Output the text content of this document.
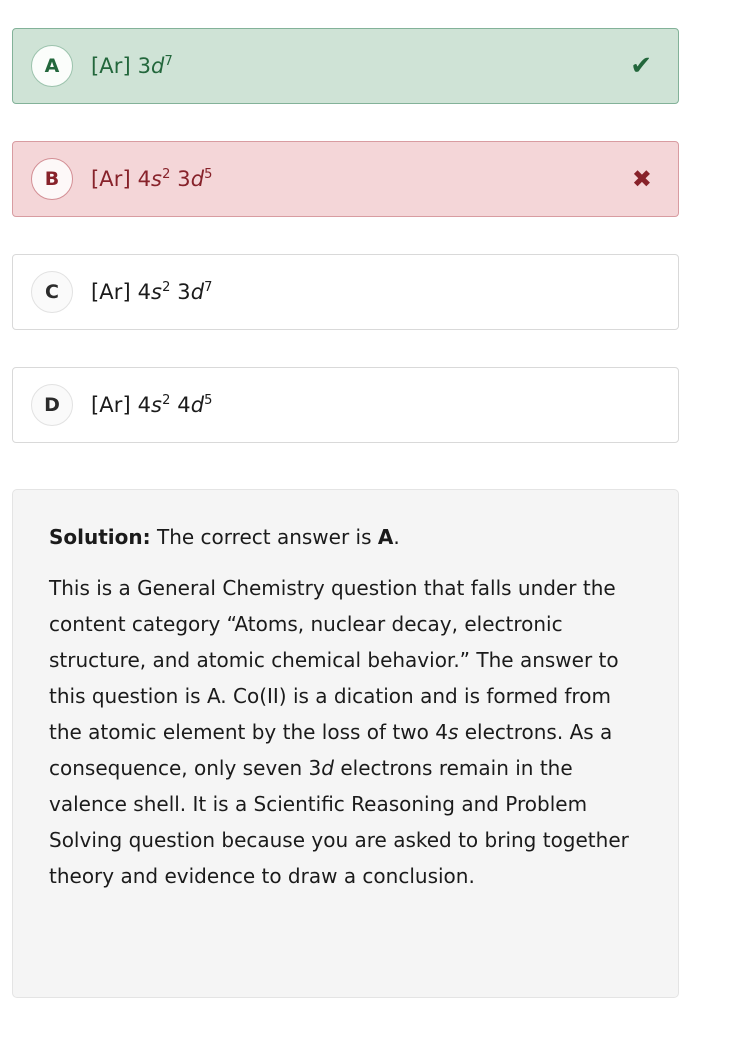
A [Ar] $3d^7$	✔
B [Ar] $4s^2$ $3d^5$	✖
C [Ar] $4s^2$ $3d^7$
D [Ar] $4s^2$ $4d^5$

Solution: The correct answer is A.

This is a General Chemistry question that falls under the content category “Atoms, nuclear decay, electronic structure, and atomic chemical behavior.” The answer to this question is A. Co(II) is a dication and is formed from the atomic element by the loss of two 4s electrons. As a consequence, only seven 3d electrons remain in the valence shell. It is a Scientific Reasoning and Problem Solving question because you are asked to bring together theory and evidence to draw a conclusion.
